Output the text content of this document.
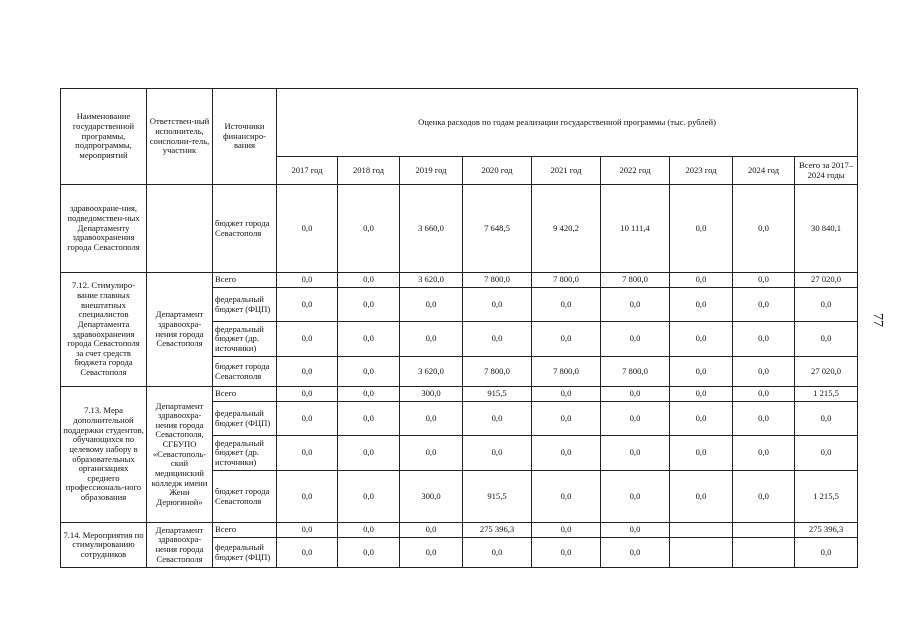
Наименование государственной программы, подпрограммы, мероприятий	Ответствен-ный исполнитель, соисполни-тель, участник	Источники финансиро-вания	Оценка расходов по годам реализации государственной программы (тыс. рублей)								
			2017 год	2018 год	2019 год	2020 год	2021 год	2022 год	2023 год	2024 год	Всего за 2017–2024 годы
здравоохране-ния, подведомствен-ных Департаменту здравоохранения города Севастополя		бюджет города Севастополя	0,0	0,0	3 660,0	7 648,5	9 420,2	10 111,4	0,0	0,0	30 840,1
7.12. Стимулиро-вание главных внештатных специалистов Департамента здравоохранения города Севастополя за счет средств бюджета города Севастополя	Департамент здравоохра-нения города Севастополя	Всего	0,0	0,0	3 620,0	7 800,0	7 800,0	7 800,0	0,0	0,0	27 020,0
		федеральный бюджет (ФЦП)	0,0	0,0	0,0	0,0	0,0	0,0	0,0	0,0	0,0
		федеральный бюджет (др. источники)	0,0	0,0	0,0	0,0	0,0	0,0	0,0	0,0	0,0
		бюджет города Севастополя	0,0	0,0	3 620,0	7 800,0	7 800,0	7 800,0	0,0	0,0	27 020,0
7.13. Мера дополнительной поддержки студентов, обучающихся по целевому набору в образовательных организациях среднего профессиональ-ного образования	Департамент здравоохра-нения города Севастополя, СГБУПО «Севастополь-ский медицинский колледж имени Жени Дерюгиной»	Всего	0,0	0,0	300,0	915,5	0,0	0,0	0,0	0,0	1 215,5
		федеральный бюджет (ФЦП)	0,0	0,0	0,0	0,0	0,0	0,0	0,0	0,0	0,0
		федеральный бюджет (др. источники)	0,0	0,0	0,0	0,0	0,0	0,0	0,0	0,0	0,0
		бюджет города Севастополя	0,0	0,0	300,0	915,5	0,0	0,0	0,0	0,0	1 215,5
7.14. Мероприятия по стимулированию сотрудников	Департамент здравоохра-нения города Севастополя	Всего	0,0	0,0	0,0	275 396,3	0,0	0,0			275 396,3
		федеральный бюджет (ФЦП)	0,0	0,0	0,0	0,0	0,0	0,0			0,0
77
